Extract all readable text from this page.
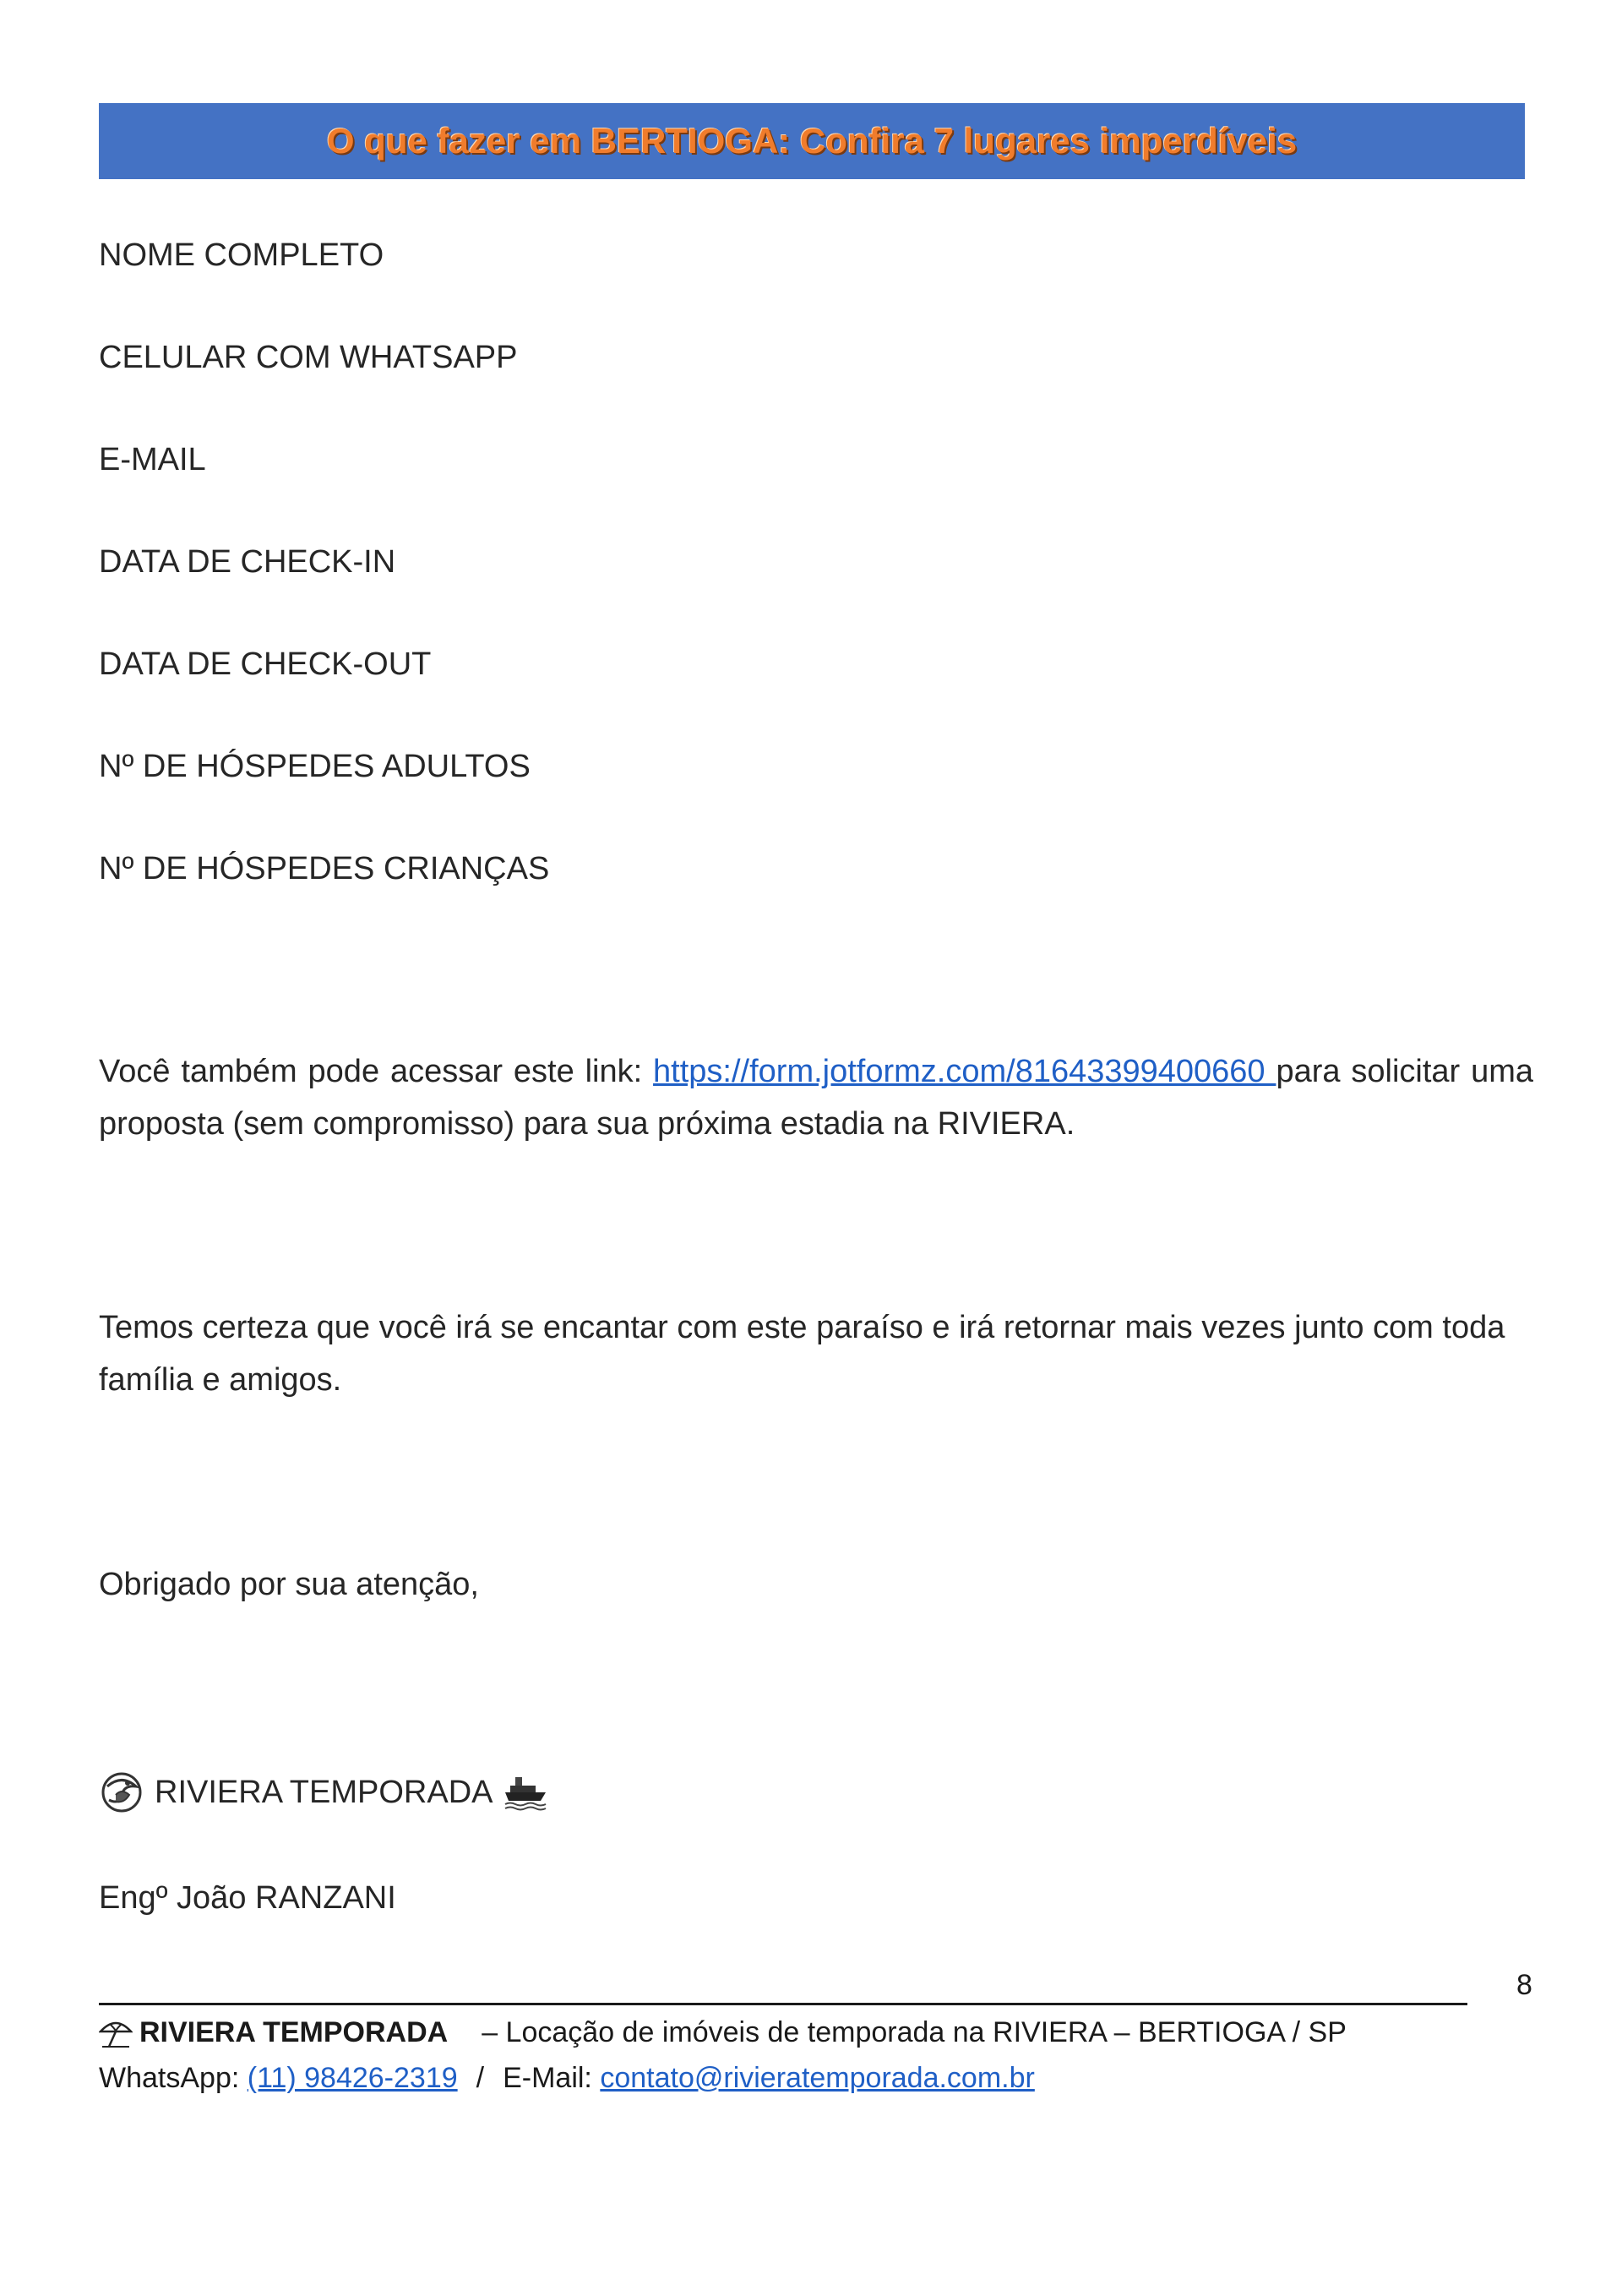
O que fazer em BERTIOGA: Confira 7 lugares imperdíveis
NOME COMPLETO
CELULAR COM WHATSAPP
E-MAIL
DATA DE CHECK-IN
DATA DE CHECK-OUT
Nº DE HÓSPEDES ADULTOS
Nº DE HÓSPEDES CRIANÇAS

Você também pode acessar este link: https://form.jotformz.com/81643399400660 para solicitar uma proposta (sem compromisso) para sua próxima estadia na RIVIERA.

Temos certeza que você irá se encantar com este paraíso e irá retornar mais vezes junto com toda família e amigos.

Obrigado por sua atenção,
RIVIERA TEMPORADA
Engº João RANZANI
8
RIVIERA TEMPORADA – Locação de imóveis de temporada na RIVIERA – BERTIOGA / SP
WhatsApp: (11) 98426-2319 / E-Mail: contato@rivieratemporada.com.br
